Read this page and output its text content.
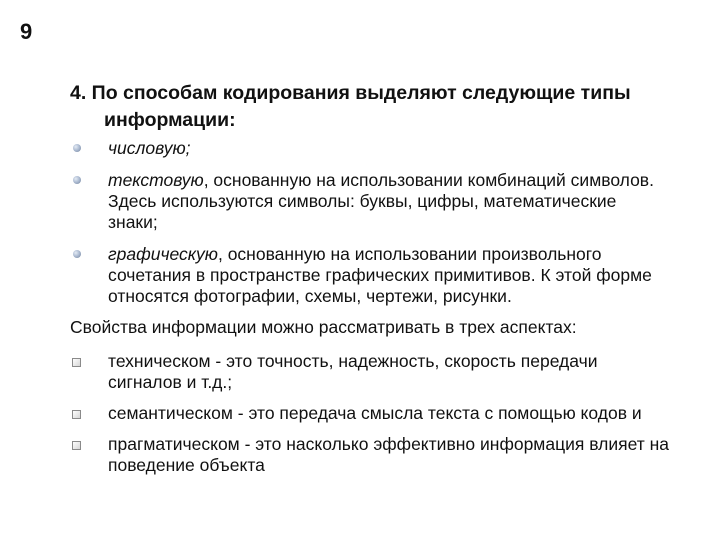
9
4. По способам кодирования выделяют следующие типы информации:
числовую;
текстовую, основанную на использовании комбинаций символов. Здесь используются символы: буквы, цифры, математические знаки;
графическую, основанную на использовании произвольного сочетания в пространстве графических примитивов. К этой форме относятся фотографии, схемы, чертежи, рисунки.
Свойства информации можно рассматривать в трех аспектах:
техническом - это точность, надежность, скорость передачи сигналов и т.д.;
семантическом - это передача смысла текста с помощью кодов и
прагматическом - это насколько эффективно информация влияет на поведение объекта
